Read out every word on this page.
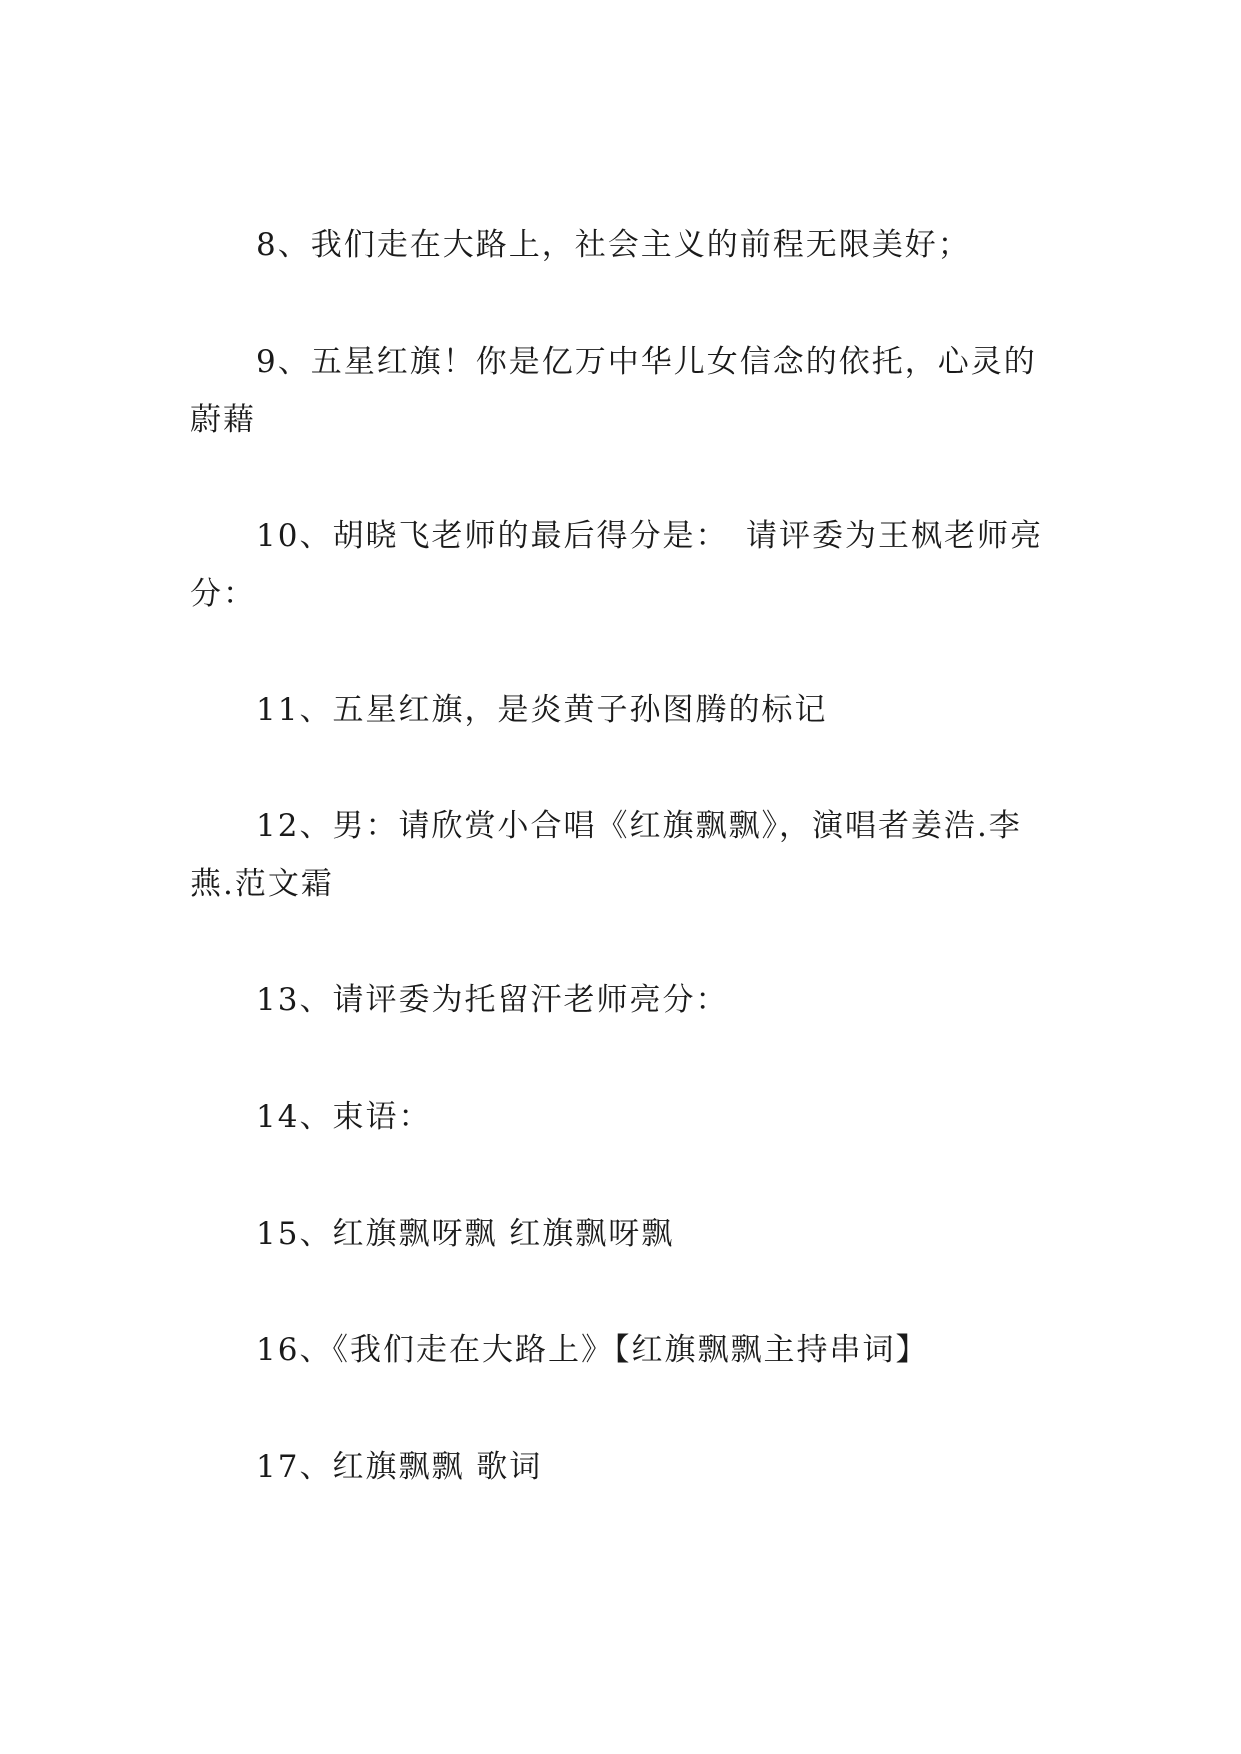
8、我们走在大路上，社会主义的前程无限美好；

9、五星红旗！你是亿万中华儿女信念的依托，心灵的蔚藉

10、胡晓飞老师的最后得分是：　请评委为王枫老师亮分：

11、五星红旗，是炎黄子孙图腾的标记

12、男：请欣赏小合唱《红旗飘飘》，演唱者姜浩.李燕.范文霜

13、请评委为托留汗老师亮分：

14、束语：

15、红旗飘呀飘 红旗飘呀飘

16、《我们走在大路上》【红旗飘飘主持串词】

17、红旗飘飘 歌词
